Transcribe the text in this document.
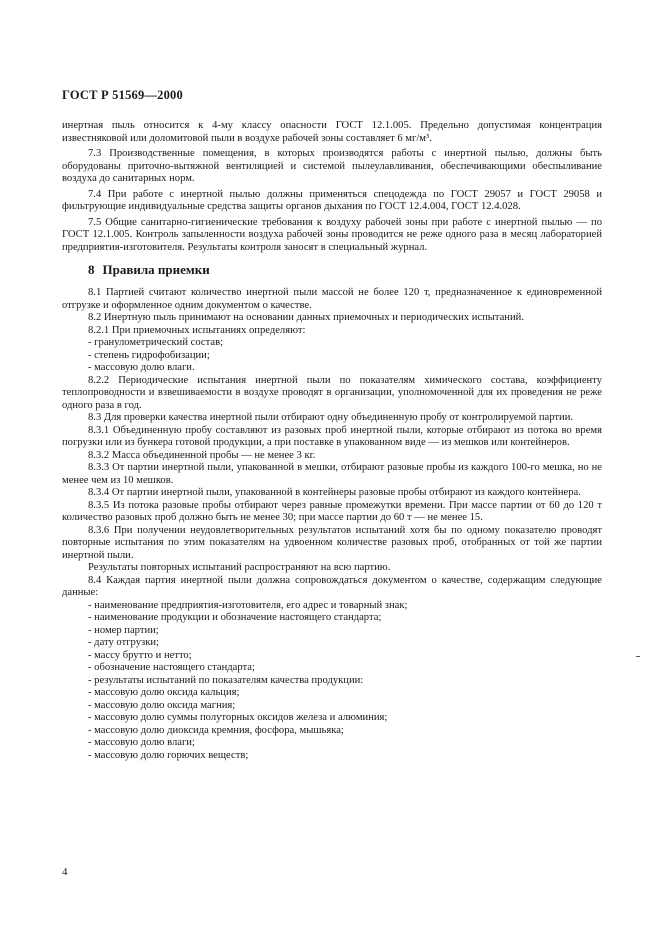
ГОСТ Р 51569—2000

инертная пыль относится к 4-му классу опасности ГОСТ 12.1.005. Предельно допустимая концентрация известняковой или доломитовой пыли в воздухе рабочей зоны составляет 6 мг/м³.

7.3 Производственные помещения, в которых производятся работы с инертной пылью, должны быть оборудованы приточно-вытяжной вентиляцией и системой пылеулавливания, обеспечивающими обеспыливание воздуха до санитарных норм.

7.4 При работе с инертной пылью должны применяться спецодежда по ГОСТ 29057 и ГОСТ 29058 и фильтрующие индивидуальные средства защиты органов дыхания по ГОСТ 12.4.004, ГОСТ 12.4.028.

7.5 Общие санитарно-гигиенические требования к воздуху рабочей зоны при работе с инертной пылью — по ГОСТ 12.1.005. Контроль запыленности воздуха рабочей зоны проводится не реже одного раза в месяц лабораторией предприятия-изготовителя. Результаты контроля заносят в специальный журнал.

8 Правила приемки

8.1 Партией считают количество инертной пыли массой не более 120 т, предназначенное к единовременной отгрузке и оформленное одним документом о качестве.

8.2 Инертную пыль принимают на основании данных приемочных и периодических испытаний.

8.2.1 При приемочных испытаниях определяют:

- гранулометрический состав;

- степень гидрофобизации;

- массовую долю влаги.

8.2.2 Периодические испытания инертной пыли по показателям химического состава, коэффициенту теплопроводности и взвешиваемости в воздухе проводят в организации, уполномоченной для их проведения не реже одного раза в год.

8.3 Для проверки качества инертной пыли отбирают одну объединенную пробу от контролируемой партии.

8.3.1 Объединенную пробу составляют из разовых проб инертной пыли, которые отбирают из потока во время погрузки или из бункера готовой продукции, а при поставке в упакованном виде — из мешков или контейнеров.

8.3.2 Масса объединенной пробы — не менее 3 кг.

8.3.3 От партии инертной пыли, упакованной в мешки, отбирают разовые пробы из каждого 100-го мешка, но не менее чем из 10 мешков.

8.3.4 От партии инертной пыли, упакованной в контейнеры разовые пробы отбирают из каждого контейнера.

8.3.5 Из потока разовые пробы отбирают через равные промежутки времени. При массе партии от 60 до 120 т количество разовых проб должно быть не менее 30; при массе партии до 60 т — не менее 15.

8.3.6 При получении неудовлетворительных результатов испытаний хотя бы по одному показателю проводят повторные испытания по этим показателям на удвоенном количестве разовых проб, отобранных от той же партии инертной пыли.

Результаты повторных испытаний распространяют на всю партию.

8.4 Каждая партия инертной пыли должна сопровождаться документом о качестве, содержащим следующие данные:

- наименование предприятия-изготовителя, его адрес и товарный знак;

- наименование продукции и обозначение настоящего стандарта;

- номер партии;

- дату отгрузки;

- массу брутто и нетто;

- обозначение настоящего стандарта;

- результаты испытаний по показателям качества продукции:

- массовую долю оксида кальция;

- массовую долю оксида магния;

- массовую долю суммы полуторных оксидов железа и алюминия;

- массовую долю диоксида кремния, фосфора, мышьяка;

- массовую долю влаги;

- массовую долю горючих веществ;

4
